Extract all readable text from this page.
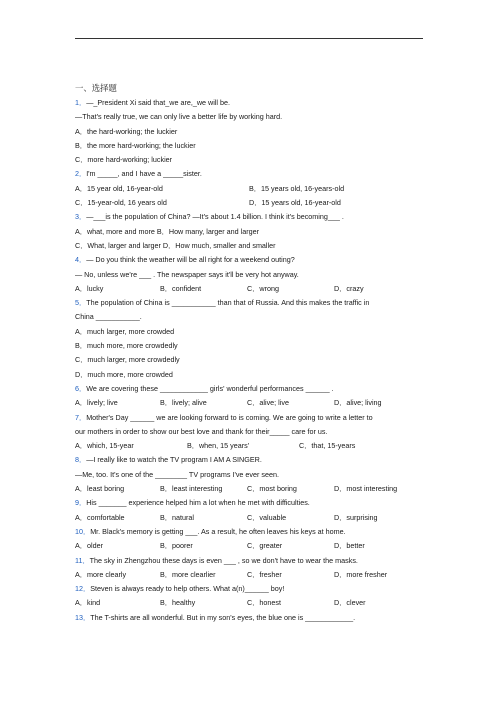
一、选择题
1．—_President Xi said that_we are,_we will be.
—That's really true, we can only live a better life by working hard.
A．the hard-working; the luckier
B．the more hard-working; the luckier
C．more hard-working; luckier
2．I'm _____, and I have a _____sister.
A．15 year old, 16-year-old	B．15 years old, 16-years-old
C．15-year-old, 16 years old	D．15 years old, 16-year-old
3．—___is the population of China? —It's about 1.4 billion. I think it's becoming___ .
A．what, more and more B．How many, larger and larger
C．What, larger and larger D．How much, smaller and smaller
4．— Do you think the weather will be all right for a weekend outing?
— No, unless we're ___ . The newspaper says it'll be very hot anyway.
A．lucky	B．confident	C．wrong	D．crazy
5．The population of China is ___________ than that of Russia. And this makes the traffic in
China ___________.
A．much larger, more crowded
B．much more, more crowdedly
C．much larger, more crowdedly
D．much more, more crowded
6．We are covering these ____________ girls' wonderful performances ______ .
A．lively; live	B．lively; alive	C．alive; live	D．alive; living
7．Mother's Day ______ we are looking forward to is coming. We are going to write a letter to
our mothers in order to show our best love and thank for their_____ care for us.
A．which, 15-year	B．when, 15 years'	C．that, 15-years
8．—I really like to watch the TV program I AM A SINGER.
—Me, too. It's one of the ________ TV programs I've ever seen.
A．least boring	B．least interesting	C．most boring	D．most interesting
9．His _______ experience helped him a lot when he met with difficulties.
A．comfortable	B．natural	C．valuable	D．surprising
10．Mr. Black's memory is getting ___. As a result, he often leaves his keys at home.
A．older	B．poorer	C．greater	D．better
11．The sky in Zhengzhou these days is even ___ , so we don't have to wear the masks.
A．more clearly	B．more clearlier	C．fresher	D．more fresher
12．Steven is always ready to help others. What a(n)______ boy!
A．kind	B．healthy	C．honest	D．clever
13．The T-shirts are all wonderful. But in my son's eyes, the blue one is ____________.
